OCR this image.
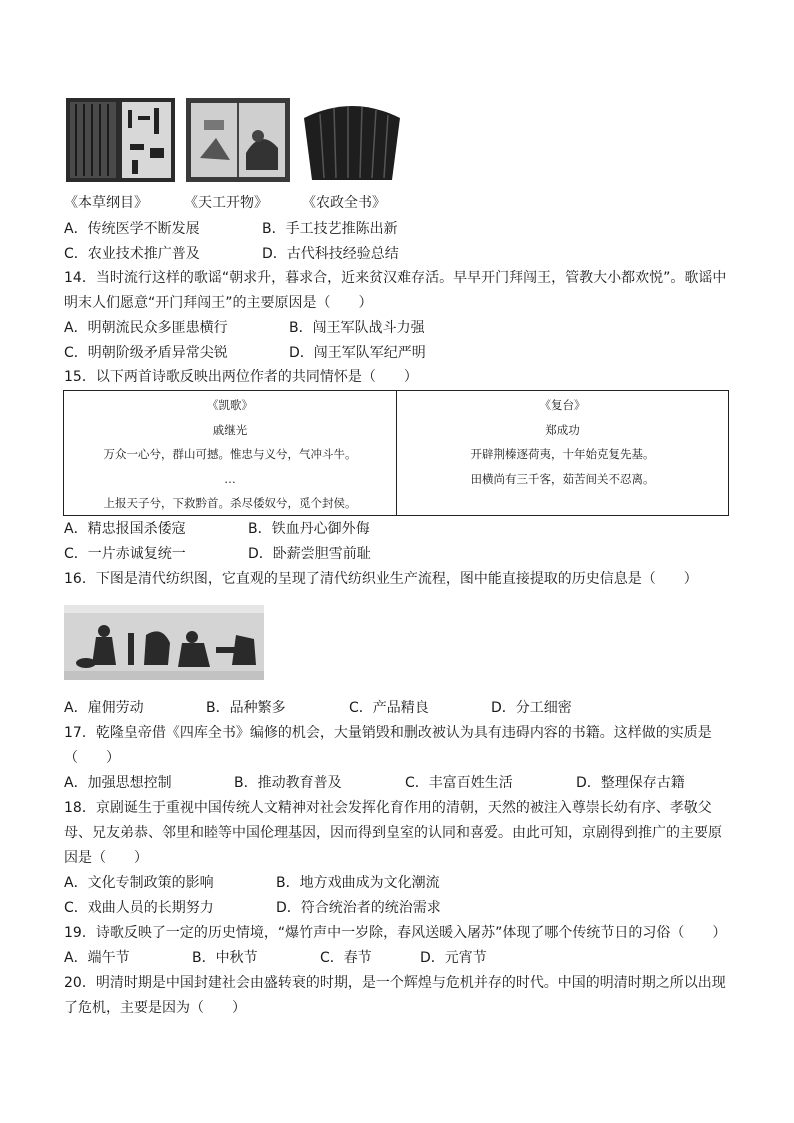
《本草纲目》	《天工开物》 《农政全书》
A．传统医学不断发展	B．手工技艺推陈出新
C．农业技术推广普及	D．古代科技经验总结
14．当时流行这样的歌谣“朝求升，暮求合，近来贫汉难存活。早早开门拜闯王，管教大小都欢悦”。歌谣中
明末人们愿意“开门拜闯王”的主要原因是（　　）
A．明朝流民众多匪患横行	B．闯王军队战斗力强
C．明朝阶级矛盾异常尖锐	D．闯王军队军纪严明
15．以下两首诗歌反映出两位作者的共同情怀是（　　）
《凯歌》
戚继光
万众一心兮，群山可撼。惟忠与义兮，气冲斗牛。
…
上报天子兮，下救黔首。杀尽倭奴兮，觅个封侯。
《复台》
郑成功
开辟荆榛逐荷夷，十年始克复先基。
田横尚有三千客，茹苦间关不忍离。
A．精忠报国杀倭寇	B．铁血丹心御外侮
C．一片赤诚复统一	D．卧薪尝胆雪前耻
16．下图是清代纺织图，它直观的呈现了清代纺织业生产流程，图中能直接提取的历史信息是（　　）
A．雇佣劳动	B．品种繁多	C．产品精良	D．分工细密
17．乾隆皇帝借《四库全书》编修的机会，大量销毁和删改被认为具有违碍内容的书籍。这样做的实质是
（　　）
A．加强思想控制	B．推动教育普及	C．丰富百姓生活	D．整理保存古籍
18．京剧诞生于重视中国传统人文精神对社会发挥化育作用的清朝，天然的被注入尊崇长幼有序、孝敬父
母、兄友弟恭、邻里和睦等中国伦理基因，因而得到皇室的认同和喜爱。由此可知，京剧得到推广的主要原
因是（　　）
A．文化专制政策的影响	B．地方戏曲成为文化潮流
C．戏曲人员的长期努力	D．符合统治者的统治需求
19．诗歌反映了一定的历史情境，“爆竹声中一岁除，春风送暖入屠苏”体现了哪个传统节日的习俗（　　）
A．端午节	B．中秋节	C．春节	D．元宵节
20．明清时期是中国封建社会由盛转衰的时期，是一个辉煌与危机并存的时代。中国的明清时期之所以出现
了危机，主要是因为（　　）
